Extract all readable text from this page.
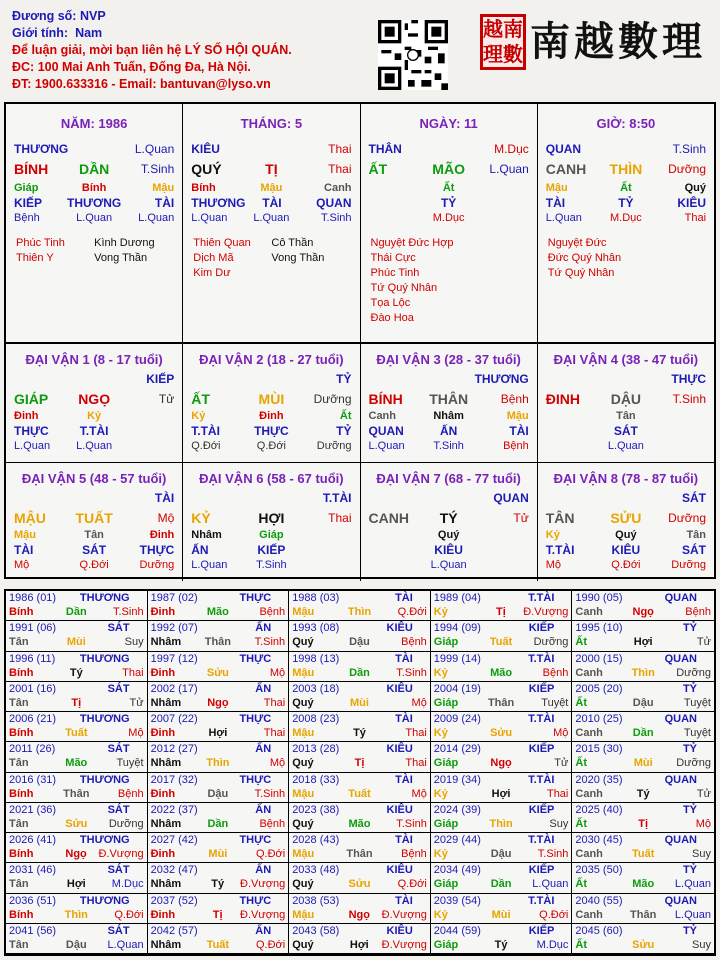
Đương số: NVP
Giới tính: Nam
Để luận giải, mời bạn liên hệ LÝ SỐ HỘI QUÁN.
ĐC: 100 Mai Anh Tuấn, Đống Đa, Hà Nội.
ĐT: 1900.633316 - Email: bantuvan@lyso.vn
越南理數 南越數理
NĂM: 1986
THƯƠNG	L.Quan
BÍNH	DẦN	T.Sinh
Giáp	Bính	Mậu
KIẾP	THƯƠNG	TÀI
Bệnh	L.Quan	L.Quan
Phúc Tinh
Thiên Y
Kình Dương
Vong Thần
THÁNG: 5
KIÊU	Thai
QUÝ	TỊ	Thai
Bính	Mậu	Canh
THƯƠNG	TÀI	QUAN
L.Quan	L.Quan	T.Sinh
Thiên Quan
Dịch Mã
Kim Dư
Cô Thần
Vong Thần
NGÀY: 11
THÂN	M.Dục
ẤT	MÃO	L.Quan
Ất
TỶ
M.Dục
Nguyệt Đức Hợp
Thái Cực
Phúc Tinh
Tứ Quý Nhân
Tọa Lộc
Đào Hoa
GIỜ: 8:50
QUAN	T.Sinh
CANH	THÌN	Dưỡng
Mậu	Ất	Quý
TÀI	TỶ	KIÊU
L.Quan	M.Dục	Thai
Nguyệt Đức
Đức Quý Nhân
Tứ Quý Nhân
ĐẠI VẬN 1 (8 - 17 tuổi)
KIẾP
GIÁP	NGỌ	Tử
Đinh	Kỷ
THỰC	T.TÀI
L.Quan	L.Quan
ĐẠI VẬN 2 (18 - 27 tuổi)
TỶ
ẤT	MÙI	Dưỡng
Kỷ	Đinh	Ất
T.TÀI	THỰC	TỶ
Q.Đới	Q.Đới	Dưỡng
ĐẠI VẬN 3 (28 - 37 tuổi)
THƯƠNG
BÍNH	THÂN	Bệnh
Canh	Nhâm	Mậu
QUAN	ẤN	TÀI
L.Quan	T.Sinh	Bệnh
ĐẠI VẬN 4 (38 - 47 tuổi)
THỰC
ĐINH	DẬU	T.Sinh
Tân
SÁT
L.Quan
ĐẠI VẬN 5 (48 - 57 tuổi)
TÀI
MẬU	TUẤT	Mộ
Mậu	Tân	Đinh
TÀI	SÁT	THỰC
Mộ	Q.Đới	Dưỡng
ĐẠI VẬN 6 (58 - 67 tuổi)
T.TÀI
KỶ	HỢI	Thai
Nhâm	Giáp
ẤN	KIẾP
L.Quan	T.Sinh
ĐẠI VẬN 7 (68 - 77 tuổi)
QUAN
CANH	TÝ	Tử
Quý
KIÊU
L.Quan
ĐẠI VẬN 8 (78 - 87 tuổi)
SÁT
TÂN	SỬU	Dưỡng
Kỷ	Quý	Tân
T.TÀI	KIÊU	SÁT
Mộ	Q.Đới	Dưỡng
1986 (01) THƯƠNG
Bính	Dần	T.Sinh
1987 (02)	THỰC
Đinh	Mão	Bệnh
1988 (03)	TÀI
Mậu	Thìn	Q.Đới
1989 (04)	T.TÀI
Kỷ	Tị	Đ.Vượng
1990 (05)	QUAN
Canh	Ngọ	Bệnh
1991 (06)	SÁT
Tân	Mùi	Suy
1992 (07)	ẤN
Nhâm	Thân	T.Sinh
1993 (08)	KIÊU
Quý	Dậu	Bệnh
1994 (09)	KIẾP
Giáp	Tuất	Dưỡng
1995 (10)	TỶ
Ất	Hợi	Tử
1996 (11) THƯƠNG
Bính	Tý	Thai
1997 (12)	THỰC
Đinh	Sửu	Mộ
1998 (13)	TÀI
Mậu	Dần	T.Sinh
1999 (14)	T.TÀI
Kỷ	Mão	Bệnh
2000 (15)	QUAN
Canh	Thìn	Dưỡng
2001 (16)	SÁT
Tân	Tị	Tử
2002 (17)	ẤN
Nhâm	Ngọ	Thai
2003 (18)	KIÊU
Quý	Mùi	Mộ
2004 (19)	KIẾP
Giáp	Thân	Tuyệt
2005 (20)	TỶ
Ất	Dậu	Tuyệt
2006 (21) THƯƠNG
Bính	Tuất	Mộ
2007 (22)	THỰC
Đinh	Hợi	Thai
2008 (23)	TÀI
Mậu	Tý	Thai
2009 (24)	T.TÀI
Kỷ	Sửu	Mộ
2010 (25)	QUAN
Canh	Dần	Tuyệt
2011 (26)	SÁT
Tân	Mão	Tuyệt
2012 (27)	ẤN
Nhâm	Thìn	Mộ
2013 (28)	KIÊU
Quý	Tị	Thai
2014 (29)	KIẾP
Giáp	Ngọ	Tử
2015 (30)	TỶ
Ất	Mùi	Dưỡng
2016 (31) THƯƠNG
Bính	Thân	Bệnh
2017 (32)	THỰC
Đinh	Dậu	T.Sinh
2018 (33)	TÀI
Mậu	Tuất	Mộ
2019 (34)	T.TÀI
Kỷ	Hợi	Thai
2020 (35)	QUAN
Canh	Tý	Tử
2021 (36)	SÁT
Tân	Sửu	Dưỡng
2022 (37)	ẤN
Nhâm	Dần	Bệnh
2023 (38)	KIÊU
Quý	Mão	T.Sinh
2024 (39)	KIẾP
Giáp	Thìn	Suy
2025 (40)	TỶ
Ất	Tị	Mộ
2026 (41) THƯƠNG
Bính	Ngọ	Đ.Vượng
2027 (42)	THỰC
Đinh	Mùi	Q.Đới
2028 (43)	TÀI
Mậu	Thân	Bệnh
2029 (44)	T.TÀI
Kỷ	Dậu	T.Sinh
2030 (45)	QUAN
Canh	Tuất	Suy
2031 (46)	SÁT
Tân	Hợi	M.Dục
2032 (47)	ẤN
Nhâm	Tý	Đ.Vượng
2033 (48)	KIÊU
Quý	Sửu	Q.Đới
2034 (49)	KIẾP
Giáp	Dần	L.Quan
2035 (50)	TỶ
Ất	Mão	L.Quan
2036 (51) THƯƠNG
Bính	Thìn	Q.Đới
2037 (52)	THỰC
Đinh	Tị	Đ.Vượng
2038 (53)	TÀI
Mậu	Ngọ	Đ.Vượng
2039 (54)	T.TÀI
Kỷ	Mùi	Q.Đới
2040 (55)	QUAN
Canh	Thân	L.Quan
2041 (56)	SÁT
Tân	Dậu	L.Quan
2042 (57)	ẤN
Nhâm	Tuất	Q.Đới
2043 (58)	KIÊU
Quý	Hợi	Đ.Vượng
2044 (59)	KIẾP
Giáp	Tý	M.Dục
2045 (60)	TỶ
Ất	Sửu	Suy
